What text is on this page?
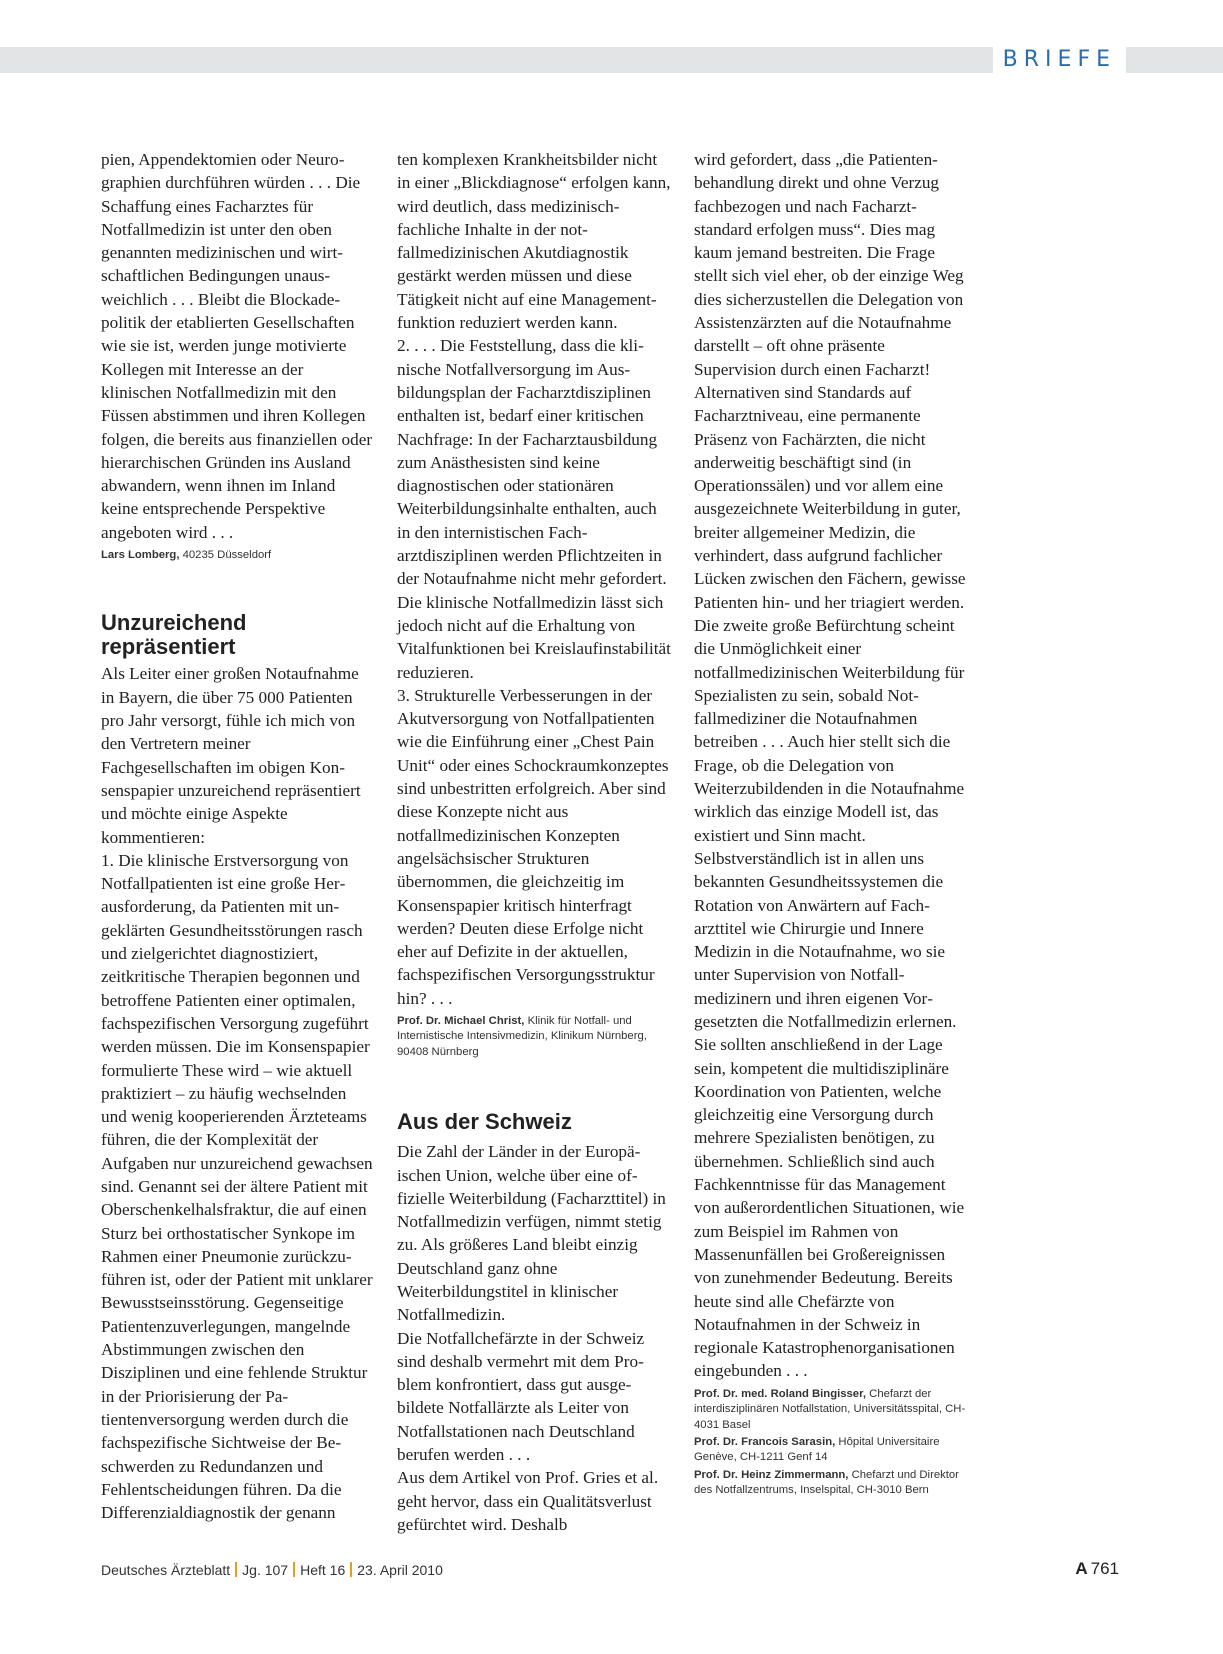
BRIEFE

pien, Appendektomien oder Neurographien durchführen würden . . . Die Schaffung eines Facharztes für Notfallmedizin ist unter den oben genannten medizinischen und wirtschaftlichen Bedingungen unausweichlich . . . Bleibt die Blockadepolitik der etablierten Gesellschaften wie sie ist, werden junge motivierte Kollegen mit Interesse an der klinischen Notfallmedizin mit den Füssen abstimmen und ihren Kollegen folgen, die bereits aus finanziellen oder hierarchischen Gründen ins Ausland abwandern, wenn ihnen im Inland keine entsprechende Perspektive angeboten wird . . .

Lars Lomberg, 40235 Düsseldorf
Unzureichend repräsentiert

Als Leiter einer großen Notaufnahme in Bayern, die über 75 000 Patienten pro Jahr versorgt, fühle ich mich von den Vertretern meiner Fachgesellschaften im obigen Konsenspapier unzureichend repräsentiert und möchte einige Aspekte kommentieren:

1. Die klinische Erstversorgung von Notfallpatienten ist eine große Herausforderung, da Patienten mit ungeklärten Gesundheitsstörungen rasch und zielgerichtet diagnostiziert, zeitkritische Therapien begonnen und betroffene Patienten einer optimalen, fachspezifischen Versorgung zugeführt werden müssen. Die im Konsenspapier formulierte These wird – wie aktuell praktiziert – zu häufig wechselnden und wenig kooperierenden Ärzteteams führen, die der Komplexität der Aufgaben nur unzureichend gewachsen sind. Genannt sei der ältere Patient mit Oberschenkelhalsfraktur, die auf einen Sturz bei orthostatischer Synkope im Rahmen einer Pneumonie zurückzuführen ist, oder der Patient mit unklarer Bewusstseinsstörung. Gegenseitige Patientenzuverlegungen, mangelnde Abstimmungen zwischen den Disziplinen und eine fehlende Struktur in der Priorisierung der Patientenversorgung werden durch die fachspezifische Sichtweise der Beschwerden zu Redundanzen und Fehlentscheidungen führen. Da die Differenzialdiagnostik der genann

ten komplexen Krankheitsbilder nicht in einer „Blickdiagnose“ erfolgen kann, wird deutlich, dass medizinisch-fachliche Inhalte in der notfallmedizinischen Akutdiagnostik gestärkt werden müssen und diese Tätigkeit nicht auf eine Managementfunktion reduziert werden kann.

2. . . . Die Feststellung, dass die klinische Notfallversorgung im Ausbildungsplan der Facharztdisziplinen enthalten ist, bedarf einer kritischen Nachfrage: In der Facharztausbildung zum Anästhesisten sind keine diagnostischen oder stationären Weiterbildungsinhalte enthalten, auch in den internistischen Facharztdisziplinen werden Pflichtzeiten in der Notaufnahme nicht mehr gefordert. Die klinische Notfallmedizin lässt sich jedoch nicht auf die Erhaltung von Vitalfunktionen bei Kreislaufinstabilität reduzieren.

3. Strukturelle Verbesserungen in der Akutversorgung von Notfallpatienten wie die Einführung einer „Chest Pain Unit“ oder eines Schockraumkonzeptes sind unbestritten erfolgreich. Aber sind diese Konzepte nicht aus notfallmedizinischen Konzepten angelsächsischer Strukturen übernommen, die gleichzeitig im Konsenspapier kritisch hinterfragt werden? Deuten diese Erfolge nicht eher auf Defizite in der aktuellen, fachspezifischen Versorgungsstruktur hin? . . .

Prof. Dr. Michael Christ, Klinik für Notfall- und Internistische Intensivmedizin, Klinikum Nürnberg, 90408 Nürnberg
Aus der Schweiz

Die Zahl der Länder in der Europäischen Union, welche über eine offizielle Weiterbildung (Facharzttitel) in Notfallmedizin verfügen, nimmt stetig zu. Als größeres Land bleibt einzig Deutschland ganz ohne Weiterbildungstitel in klinischer Notfallmedizin.

Die Notfallchefärzte in der Schweiz sind deshalb vermehrt mit dem Problem konfrontiert, dass gut ausgebildete Notfallärzte als Leiter von Notfallstationen nach Deutschland berufen werden . . .

Aus dem Artikel von Prof. Gries et al. geht hervor, dass ein Qualitätsverlust gefürchtet wird. Deshalb

wird gefordert, dass „die Patientenbehandlung direkt und ohne Verzug fachbezogen und nach Facharztstandard erfolgen muss“. Dies mag kaum jemand bestreiten. Die Frage stellt sich viel eher, ob der einzige Weg dies sicherzustellen die Delegation von Assistenzärzten auf die Notaufnahme darstellt – oft ohne präsente Supervision durch einen Facharzt! Alternativen sind Standards auf Facharztniveau, eine permanente Präsenz von Fachärzten, die nicht anderweitig beschäftigt sind (in Operationssälen) und vor allem eine ausgezeichnete Weiterbildung in guter, breiter allgemeiner Medizin, die verhindert, dass aufgrund fachlicher Lücken zwischen den Fächern, gewisse Patienten hin- und her triagiert werden.

Die zweite große Befürchtung scheint die Unmöglichkeit einer notfallmedizinischen Weiterbildung für Spezialisten zu sein, sobald Notfallmediziner die Notaufnahmen betreiben . . . Auch hier stellt sich die Frage, ob die Delegation von Weiterzubildenden in die Notaufnahme wirklich das einzige Modell ist, das existiert und Sinn macht. Selbstverständlich ist in allen uns bekannten Gesundheitssystemen die Rotation von Anwärtern auf Facharzttitel wie Chirurgie und Innere Medizin in die Notaufnahme, wo sie unter Supervision von Notfallmedizinern und ihren eigenen Vorgesetzten die Notfallmedizin erlernen. Sie sollten anschließend in der Lage sein, kompetent die multidisziplinäre Koordination von Patienten, welche gleichzeitig eine Versorgung durch mehrere Spezialisten benötigen, zu übernehmen. Schließlich sind auch Fachkenntnisse für das Management von außerordentlichen Situationen, wie zum Beispiel im Rahmen von Massenunfällen bei Großereignissen von zunehmender Bedeutung. Bereits heute sind alle Chefärzte von Notaufnahmen in der Schweiz in regionale Katastrophenorganisationen eingebunden . . .

Prof. Dr. med. Roland Bingisser, Chefarzt der interdisziplinären Notfallstation, Universitätsspital, CH-4031 Basel
Prof. Dr. Francois Sarasin, Hôpital Universitaire Genève, CH-1211 Genf 14
Prof. Dr. Heinz Zimmermann, Chefarzt und Direktor des Notfallzentrums, Inselspital, CH-3010 Bern
Deutsches Ärzteblatt Jg. 107 Heft 16 23. April 2010	A 761
